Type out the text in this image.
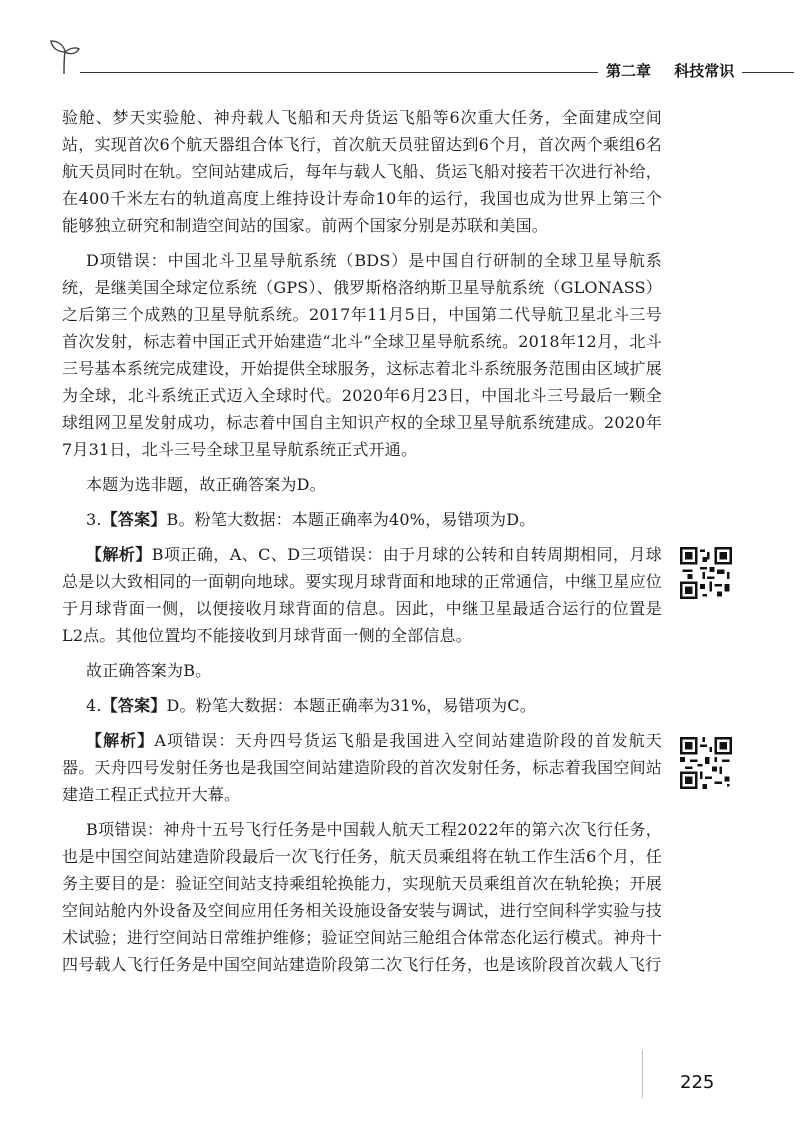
第二章 科技常识

验舱、梦天实验舱、神舟载人飞船和天舟货运飞船等6次重大任务，全面建成空间站，实现首次6个航天器组合体飞行，首次航天员驻留达到6个月，首次两个乘组6名航天员同时在轨。空间站建成后，每年与载人飞船、货运飞船对接若干次进行补给，在400千米左右的轨道高度上维持设计寿命10年的运行，我国也成为世界上第三个能够独立研究和制造空间站的国家。前两个国家分别是苏联和美国。

D项错误：中国北斗卫星导航系统（BDS）是中国自行研制的全球卫星导航系统，是继美国全球定位系统（GPS）、俄罗斯格洛纳斯卫星导航系统（GLONASS）之后第三个成熟的卫星导航系统。2017年11月5日，中国第二代导航卫星北斗三号首次发射，标志着中国正式开始建造“北斗”全球卫星导航系统。2018年12月，北斗三号基本系统完成建设，开始提供全球服务，这标志着北斗系统服务范围由区域扩展为全球，北斗系统正式迈入全球时代。2020年6月23日，中国北斗三号最后一颗全球组网卫星发射成功，标志着中国自主知识产权的全球卫星导航系统建成。2020年7月31日，北斗三号全球卫星导航系统正式开通。

本题为选非题，故正确答案为D。

3.【答案】B。粉笔大数据：本题正确率为40%，易错项为D。

【解析】B项正确，A、C、D三项错误：由于月球的公转和自转周期相同，月球总是以大致相同的一面朝向地球。要实现月球背面和地球的正常通信，中继卫星应位于月球背面一侧，以便接收月球背面的信息。因此，中继卫星最适合运行的位置是L2点。其他位置均不能接收到月球背面一侧的全部信息。

故正确答案为B。

4.【答案】D。粉笔大数据：本题正确率为31%，易错项为C。

【解析】A项错误：天舟四号货运飞船是我国进入空间站建造阶段的首发航天器。天舟四号发射任务也是我国空间站建造阶段的首次发射任务，标志着我国空间站建造工程正式拉开大幕。

B项错误：神舟十五号飞行任务是中国载人航天工程2022年的第六次飞行任务，也是中国空间站建造阶段最后一次飞行任务，航天员乘组将在轨工作生活6个月，任务主要目的是：验证空间站支持乘组轮换能力，实现航天员乘组首次在轨轮换；开展空间站舱内外设备及空间应用任务相关设施设备安装与调试，进行空间科学实验与技术试验；进行空间站日常维护维修；验证空间站三舱组合体常态化运行模式。神舟十四号载人飞行任务是中国空间站建造阶段第二次飞行任务，也是该阶段首次载人飞行

225
